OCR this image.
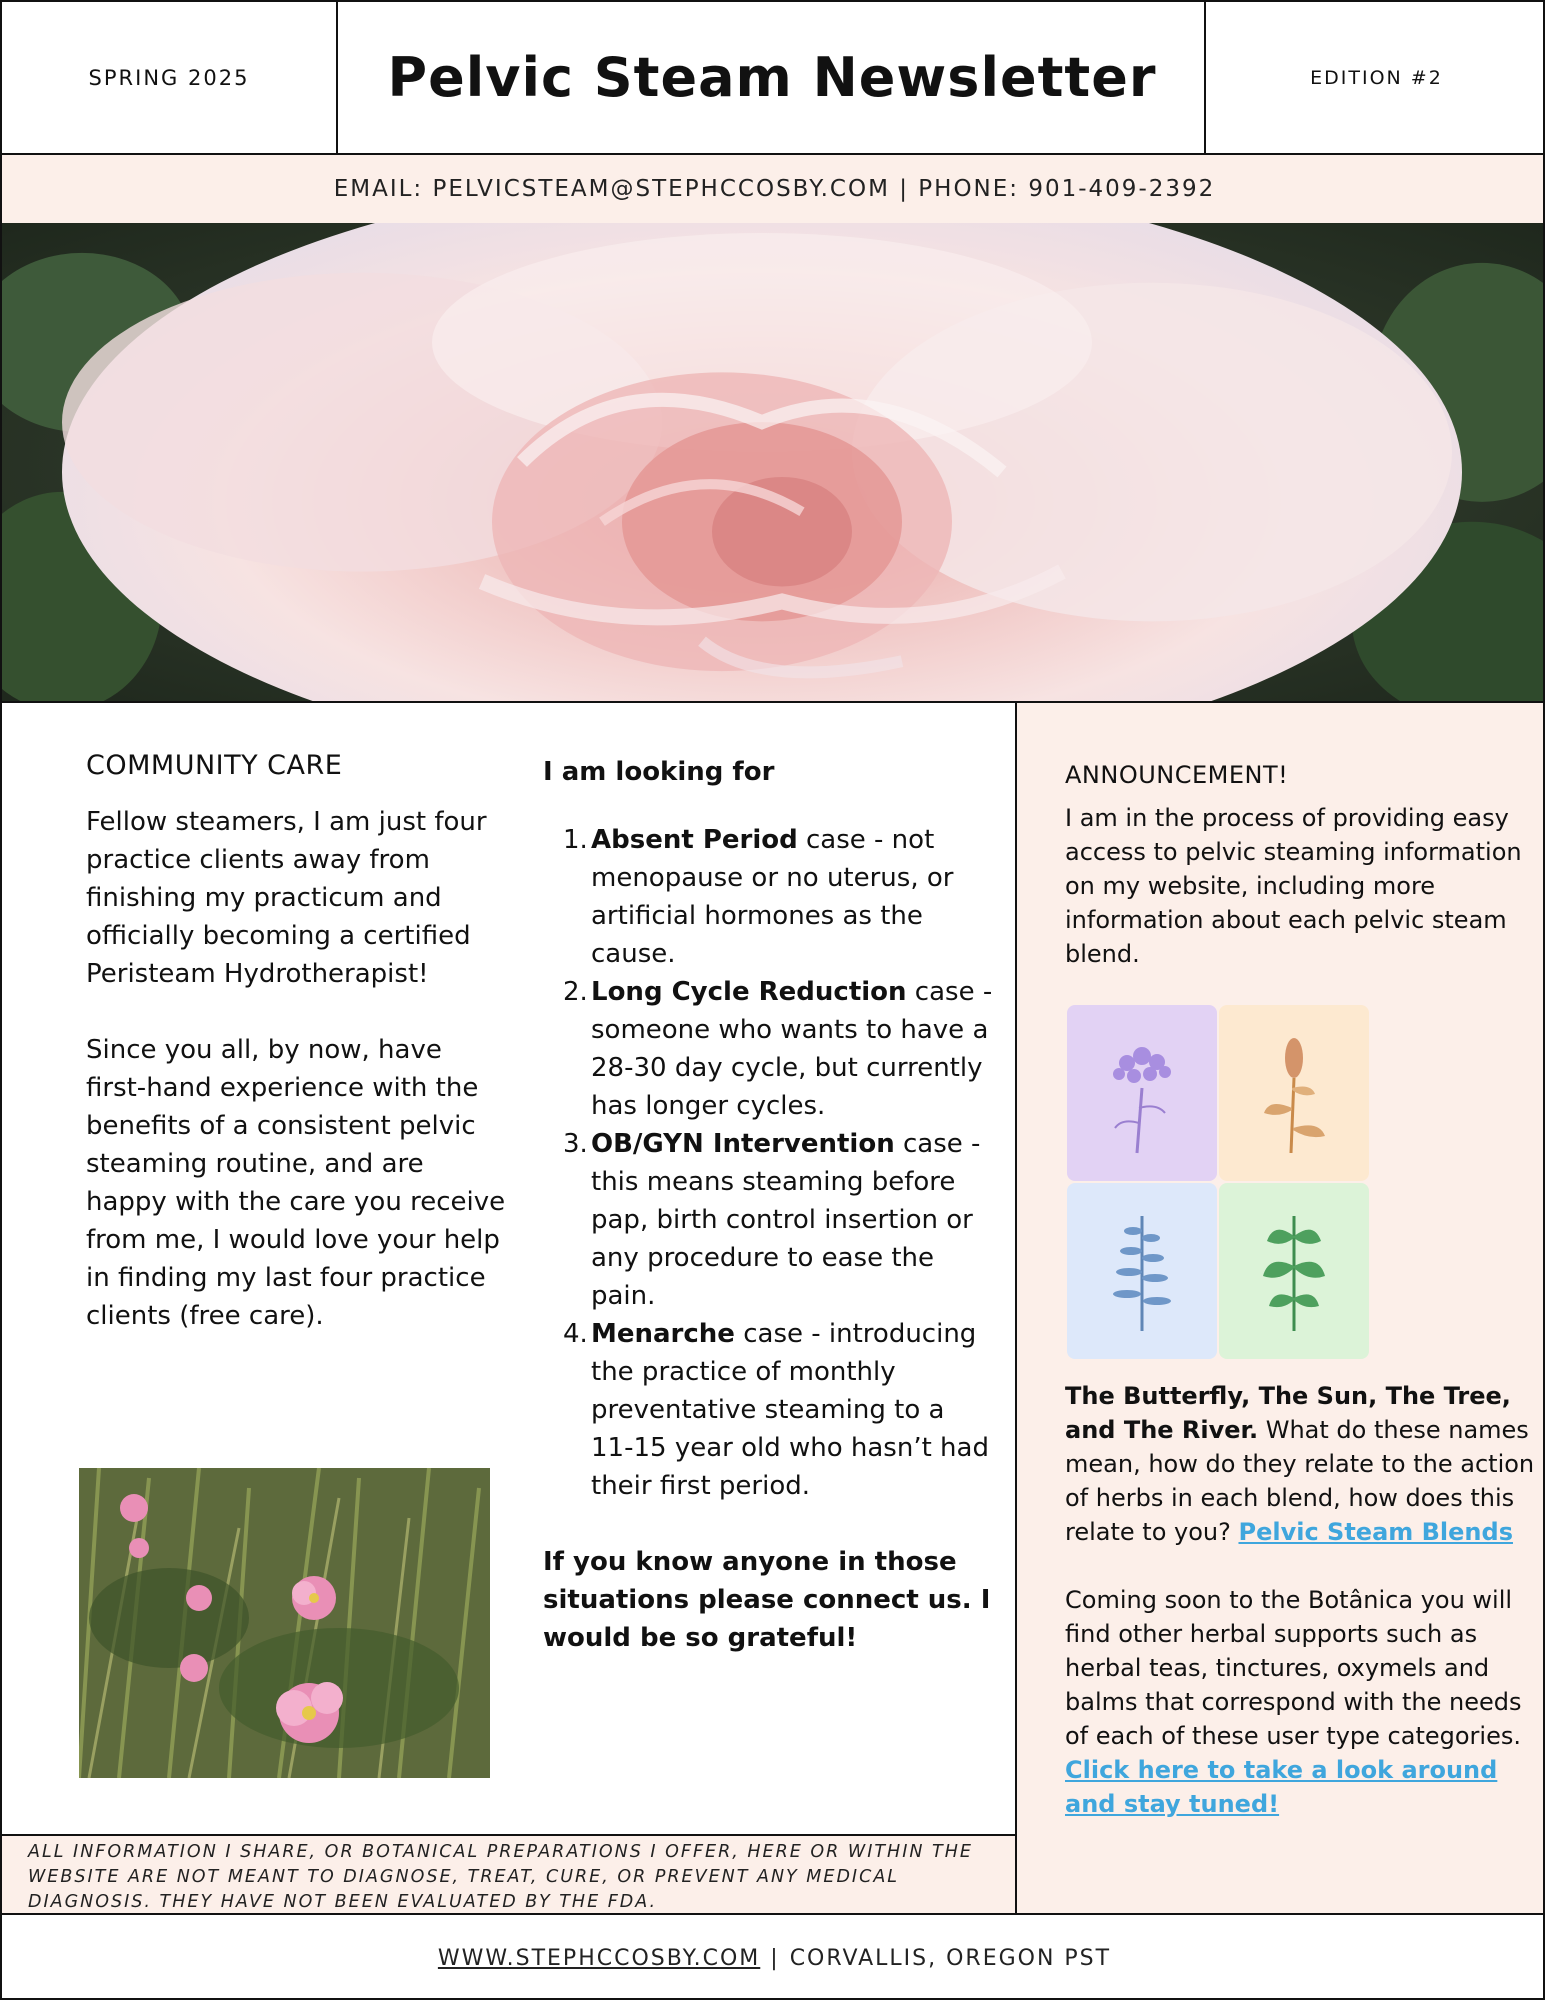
SPRING 2025	Pelvic Steam Newsletter	EDITION #2
EMAIL: PELVICSTEAM@STEPHCCOSBY.COM | PHONE: 901-409-2392
COMMUNITY CARE
Fellow steamers, I am just four practice clients away from finishing my practicum and officially becoming a certified Peristeam Hydrotherapist!
Since you all, by now, have first-hand experience with the benefits of a consistent pelvic steaming routine, and are happy with the care you receive from me, I would love your help in finding my last four practice clients (free care).
I am looking for
1. Absent Period case - not menopause or no uterus, or artificial hormones as the cause.
2. Long Cycle Reduction case - someone who wants to have a 28-30 day cycle, but currently has longer cycles.
3. OB/GYN Intervention case - this means steaming before pap, birth control insertion or any procedure to ease the pain.
4. Menarche case - introducing the practice of monthly preventative steaming to a 11-15 year old who hasn’t had their first period.
If you know anyone in those situations please connect us. I would be so grateful!
ANNOUNCEMENT!
I am in the process of providing easy access to pelvic steaming information on my website, including more information about each pelvic steam blend.
The Butterfly, The Sun, The Tree, and The River. What do these names mean, how do they relate to the action of herbs in each blend, how does this relate to you? Pelvic Steam Blends
Coming soon to the Botânica you will find other herbal supports such as herbal teas, tinctures, oxymels and balms that correspond with the needs of each of these user type categories. Click here to take a look around and stay tuned!

ALL INFORMATION I SHARE, OR BOTANICAL PREPARATIONS I OFFER, HERE OR WITHIN THE WEBSITE ARE NOT MEANT TO DIAGNOSE, TREAT, CURE, OR PREVENT ANY MEDICAL DIAGNOSIS. THEY HAVE NOT BEEN EVALUATED BY THE FDA.

WWW.STEPHCCOSBY.COM | CORVALLIS, OREGON PST
